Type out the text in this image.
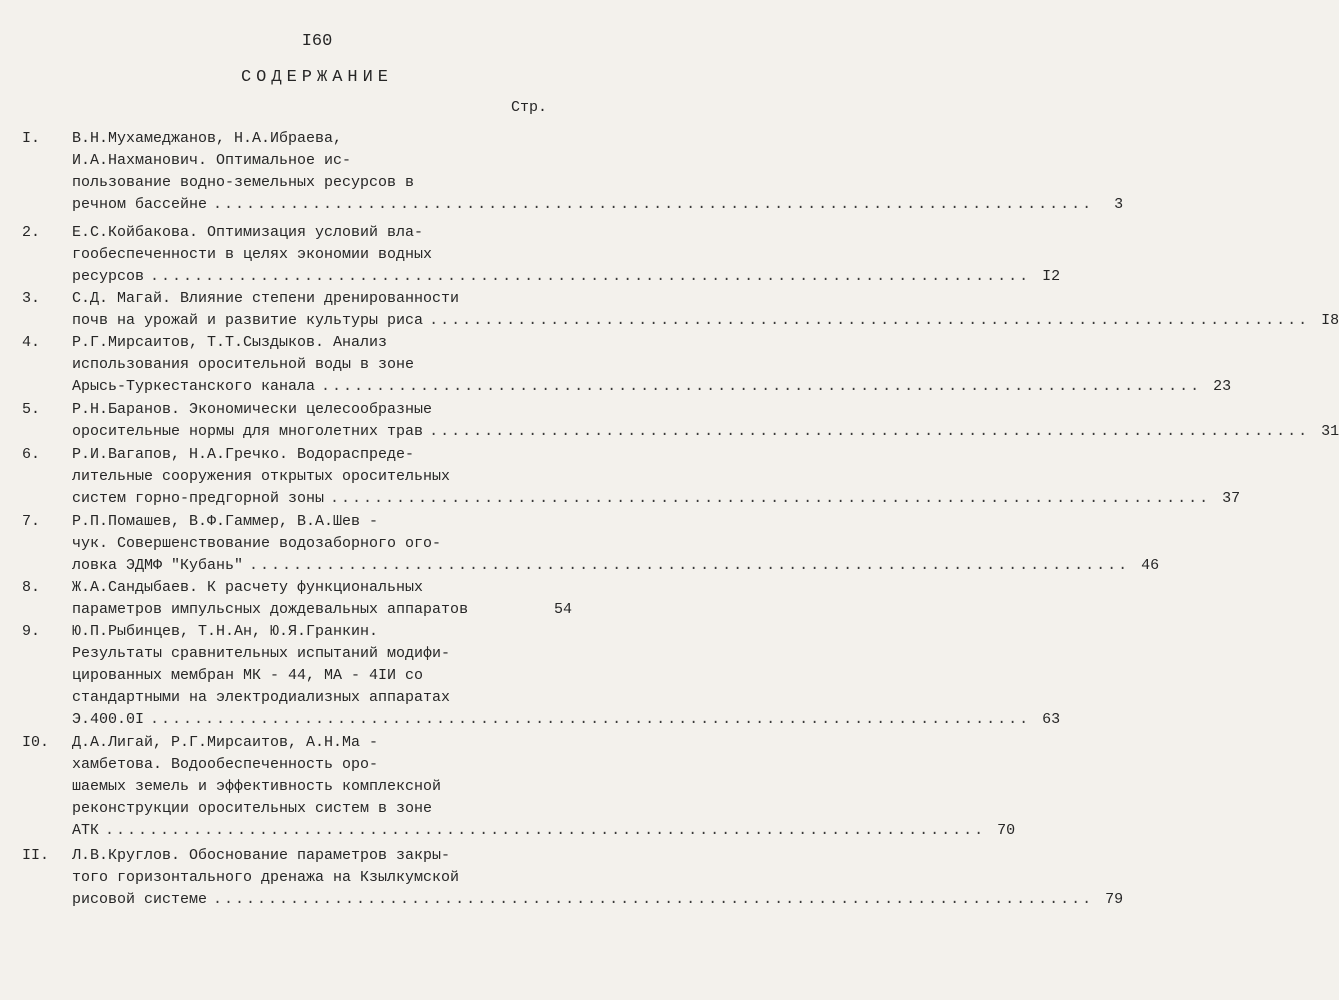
I60
СОДЕРЖАНИЕ
Стр.
I.	В.Н.Мухамеджанов, Н.А.Ибраева,
И.А.Нахманович. Оптимальное ис-
пользование водно-земельных ресурсов в
речном бассейне ................................................................................	3
2.	Е.С.Койбакова. Оптимизация условий вла-
гообеспеченности в целях экономии водных
ресурсов ................................................................................ I2
3.	С.Д. Магай. Влияние степени дренированности
почв на урожай и развитие культуры риса ................................................................................ I8
4.	Р.Г.Мирсаитов, Т.Т.Сыздыков. Анализ
использования оросительной воды в зоне
Арысь-Туркестанского канала ................................................................................ 23
5.	Р.Н.Баранов. Экономически целесообразные
оросительные нормы для многолетних трав ................................................................................ 31
6.	Р.И.Вагапов, Н.А.Гречко. Водораспреде-
лительные сооружения открытых оросительных
систем горно-предгорной зоны ................................................................................ 37
7.	Р.П.Помашев, В.Ф.Гаммер, В.А.Шев -
чук. Совершенствование водозаборного ого-
ловка ЭДМФ "Кубань" ................................................................................ 46
8.	Ж.А.Сандыбаев. К расчету функциональных
параметров импульсных дождевальных аппаратов	54
9.	Ю.П.Рыбинцев, Т.Н.Ан, Ю.Я.Гранкин.
Результаты сравнительных испытаний модифи-
цированных мембран МК - 44, МА - 4IИ со
стандартными на электродиализных аппаратах
Э.400.0I ................................................................................ 63
I0.	Д.А.Лигай, Р.Г.Мирсаитов, А.Н.Ма -
хамбетова. Водообеспеченность оро-
шаемых земель и эффективность комплексной
реконструкции оросительных систем в зоне
АТК ................................................................................ 70
II.	Л.В.Круглов. Обоснование параметров закры-
того горизонтального дренажа на Кзылкумской
рисовой системе ................................................................................ 79
